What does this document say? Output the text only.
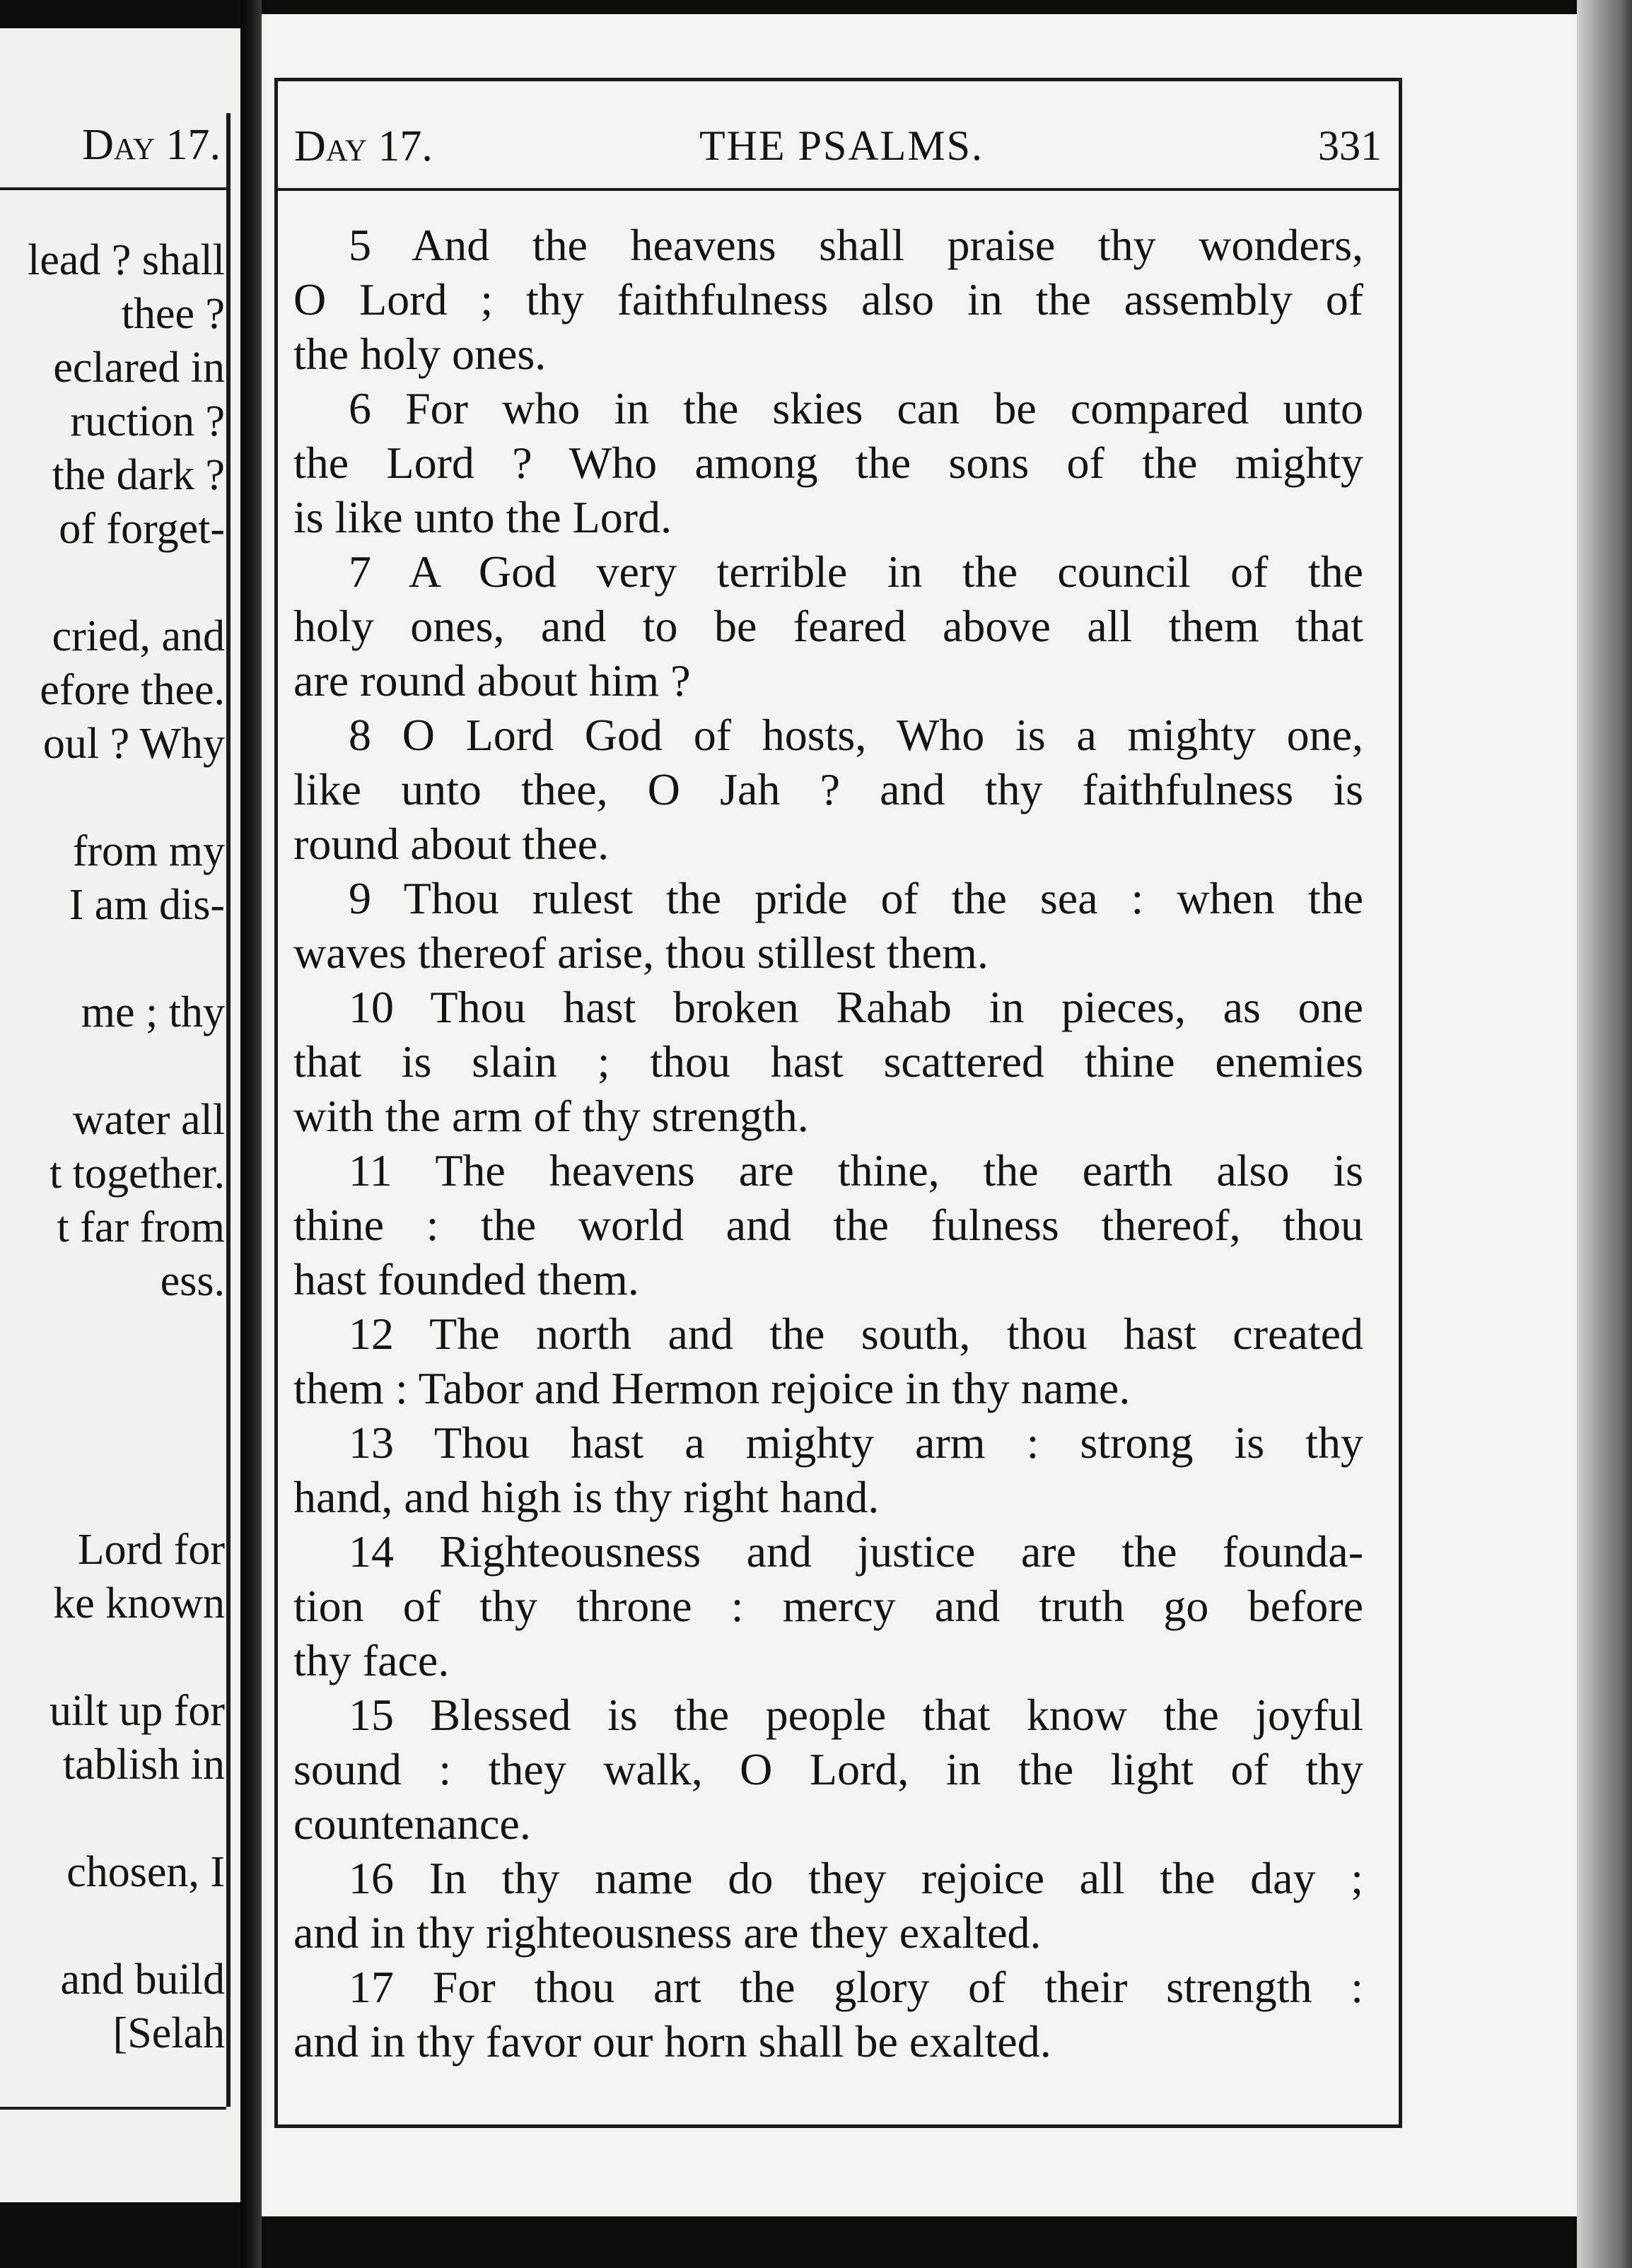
Day 17.
lead ? shall
thee ?
eclared in
ruction ?
the dark ?
of forget-
cried, and
efore thee.
oul ? Why
from my
I am dis-
me ; thy
water all
t together.
t far from
ess.
Lord for
ke known
uilt up for
tablish in
chosen, I
and build
[Selah
Day 17.	THE PSALMS.	331
5 And the heavens shall praise thy wonders,
O Lord ; thy faithfulness also in the assembly of
the holy ones.
6 For who in the skies can be compared unto
the Lord ? Who among the sons of the mighty
is like unto the Lord.
7 A God very terrible in the council of the
holy ones, and to be feared above all them that
are round about him ?
8 O Lord God of hosts, Who is a mighty one,
like unto thee, O Jah ? and thy faithfulness is
round about thee.
9 Thou rulest the pride of the sea : when the
waves thereof arise, thou stillest them.
10 Thou hast broken Rahab in pieces, as one
that is slain ; thou hast scattered thine enemies
with the arm of thy strength.
11 The heavens are thine, the earth also is
thine : the world and the fulness thereof, thou
hast founded them.
12 The north and the south, thou hast created
them : Tabor and Hermon rejoice in thy name.
13 Thou hast a mighty arm : strong is thy
hand, and high is thy right hand.
14 Righteousness and justice are the founda-
tion of thy throne : mercy and truth go before
thy face.
15 Blessed is the people that know the joyful
sound : they walk, O Lord, in the light of thy
countenance.
16 In thy name do they rejoice all the day ;
and in thy righteousness are they exalted.
17 For thou art the glory of their strength :
and in thy favor our horn shall be exalted.
